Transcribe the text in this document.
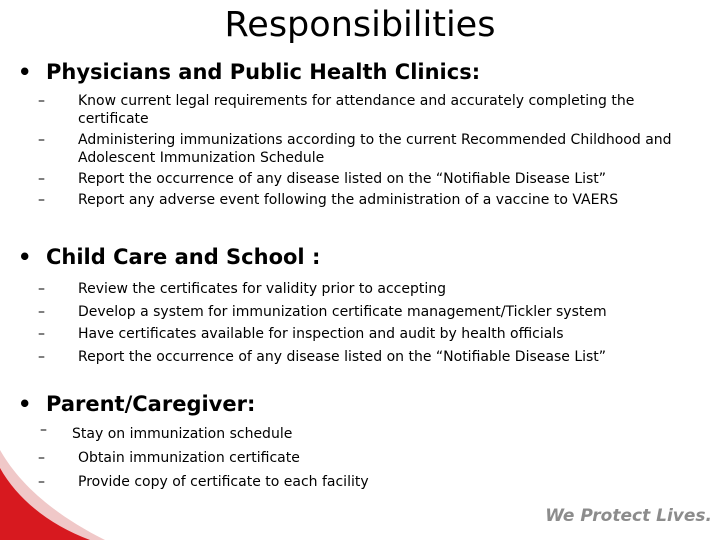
Responsibilities
• Physicians and Public Health Clinics:
– Know current legal requirements for attendance and accurately completing the certificate
– Administering immunizations according to the current Recommended Childhood and Adolescent Immunization Schedule
– Report the occurrence of any disease listed on the “Notifiable Disease List”
– Report any adverse event following the administration of a vaccine to VAERS
• Child Care and School :
– Review the certificates for validity prior to accepting
– Develop a system for immunization certificate management/Tickler system
– Have certificates available for inspection and audit by health officials
– Report the occurrence of any disease listed on the “Notifiable Disease List”
• Parent/Caregiver:
– Stay on immunization schedule
– Obtain immunization certificate
– Provide copy of certificate to each facility
We Protect Lives.
